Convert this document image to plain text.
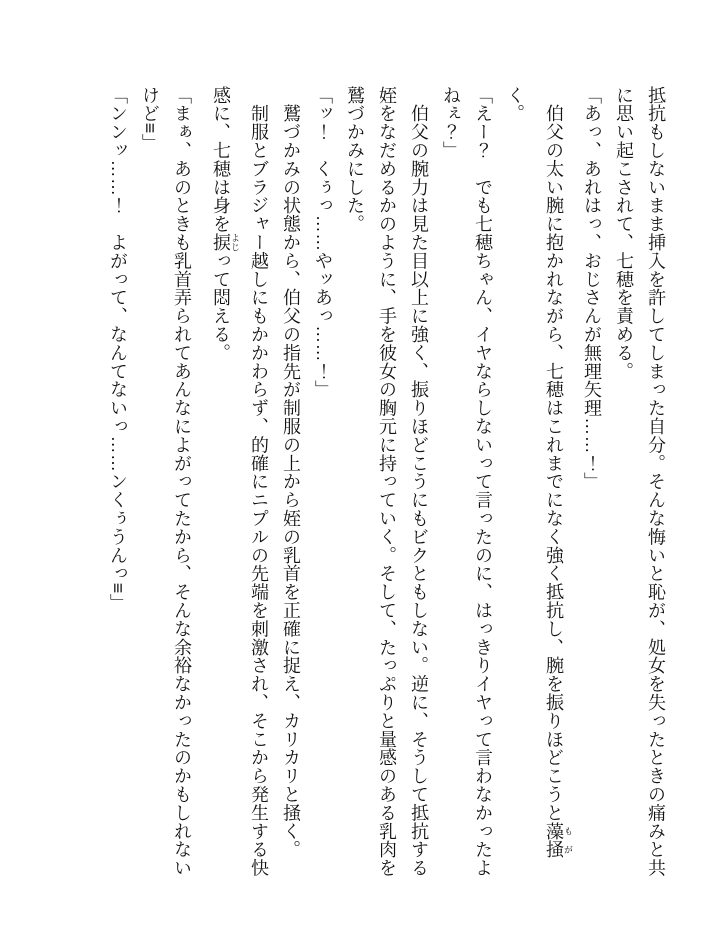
抵抗もしないまま挿入を許してしまった自分。そんな悔いと恥が、処女を失ったときの痛みと共

に思い起こされて、七穂を責める。

「あっ、あれはっ、おじさんが無理矢理……！」

　伯父の太い腕に抱かれながら、七穂はこれまでになく強く抵抗し、腕を振りほどこうと藻掻 もが

く。

「えー？　でも七穂ちゃん、イヤならしないって言ったのに、はっきりイヤって言わなかったよ

ねぇ？」

　伯父の腕力は見た目以上に強く、振りほどこうにもビクともしない。逆に、そうして抵抗する

姪をなだめるかのように、手を彼女の胸元に持っていく。そして、たっぷりと量感のある乳肉を

鷲づかみにした。

「ッ！　くぅっ……やッあっ……！」

　鷲づかみの状態から、伯父の指先が制服の上から姪の乳首を正確に捉え、カリカリと掻く。

　制服とブラジャー越しにもかかわらず、的確にニプルの先端を刺激され、そこから発生する快

感に、七穂は身を捩 よじって悶える。

「まぁ、あのときも乳首弄られてあんなによがってたから、そんな余裕なかったのかもしれない

けど≡」

「ンンッ……！　よがって、なんてないっ……ンくぅうんっ≡」
